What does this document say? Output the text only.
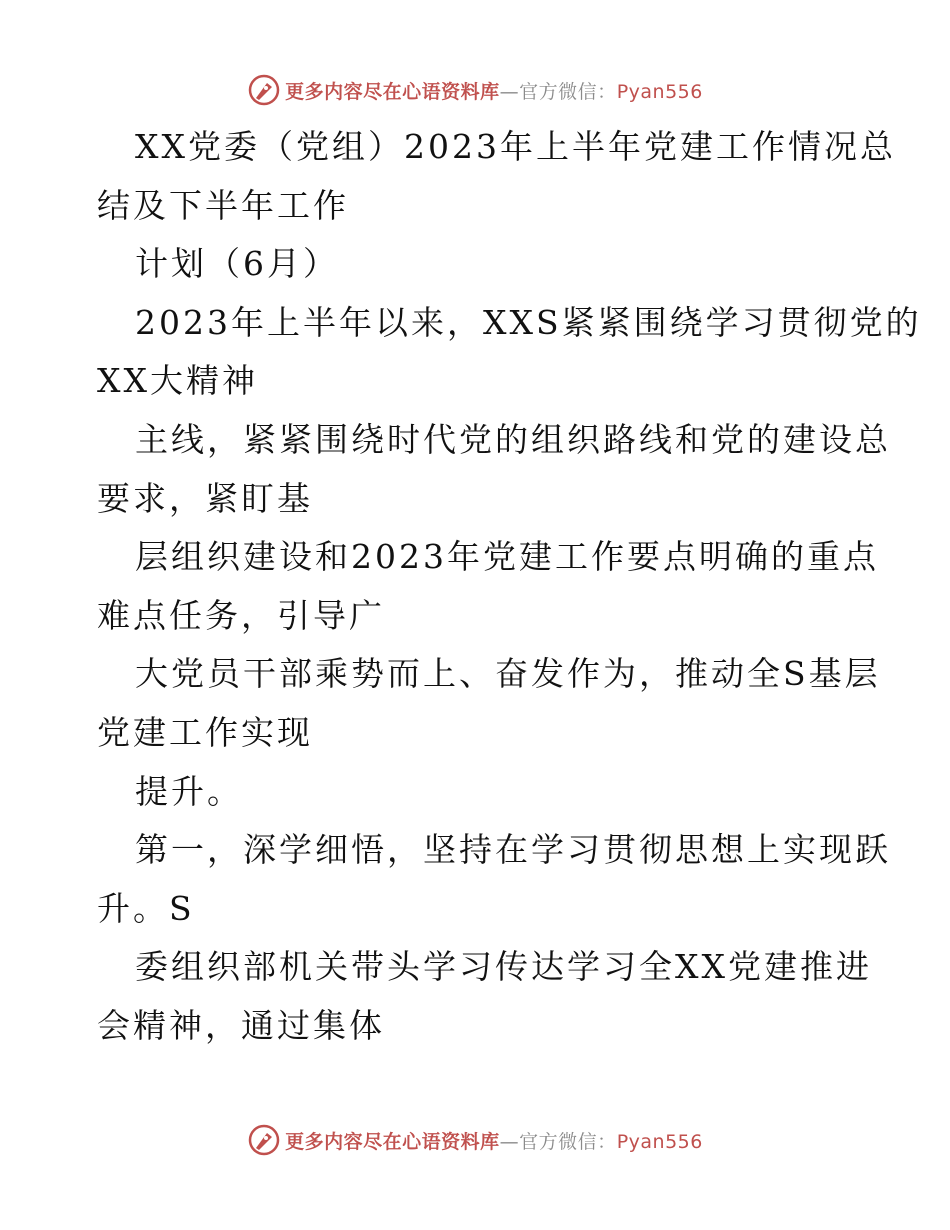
更多内容尽在心语资料库—官方微信：Pyan556
XX党委（党组）2023年上半年党建工作情况总
结及下半年工作
计划（6月）
2023年上半年以来，XXS紧紧围绕学习贯彻党的
XX大精神
主线，紧紧围绕时代党的组织路线和党的建设总
要求，紧盯基
层组织建设和2023年党建工作要点明确的重点
难点任务，引导广
大党员干部乘势而上、奋发作为，推动全S基层
党建工作实现
提升。
第一，深学细悟，坚持在学习贯彻思想上实现跃
升。S
委组织部机关带头学习传达学习全XX党建推进
会精神，通过集体
更多内容尽在心语资料库—官方微信：Pyan556
